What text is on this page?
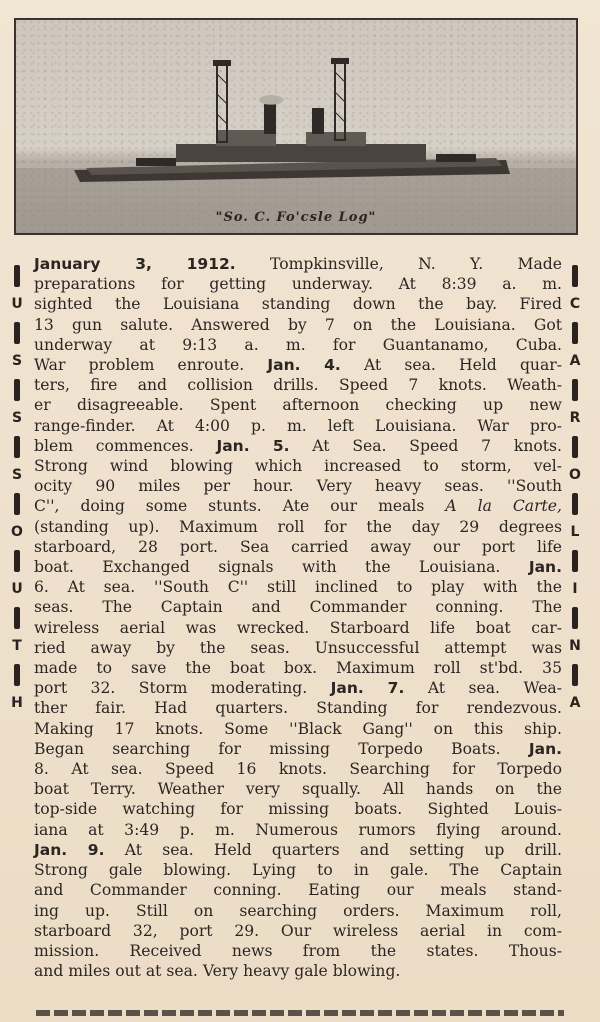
"So. C. Fo'csle Log"
U
S
S
S
O
U
T
H
C
A
R
O
L
I
N
A
January 3, 1912. Tompkinsville, N. Y. Made
preparations for getting underway. At 8:39 a. m.
sighted the Louisiana standing down the bay. Fired
13 gun salute. Answered by 7 on the Louisiana. Got
underway at 9:13 a. m. for Guantanamo, Cuba.
War problem enroute. Jan. 4. At sea. Held quar-
ters, fire and collision drills. Speed 7 knots. Weath-
er disagreeable. Spent afternoon checking up new
range-finder. At 4:00 p. m. left Louisiana. War pro-
blem commences. Jan. 5. At Sea. Speed 7 knots.
Strong wind blowing which increased to storm, vel-
ocity 90 miles per hour. Very heavy seas. ''South
C'', doing some stunts. Ate our meals A la Carte,
(standing up). Maximum roll for the day 29 degrees
starboard, 28 port. Sea carried away our port life
boat. Exchanged signals with the Louisiana. Jan.
6. At sea. ''South C'' still inclined to play with the
seas. The Captain and Commander conning. The
wireless aerial was wrecked. Starboard life boat car-
ried away by the seas. Unsuccessful attempt was
made to save the boat box. Maximum roll st'bd. 35
port 32. Storm moderating. Jan. 7. At sea. Wea-
ther fair. Had quarters. Standing for rendezvous.
Making 17 knots. Some ''Black Gang'' on this ship.
Began searching for missing Torpedo Boats. Jan.
8. At sea. Speed 16 knots. Searching for Torpedo
boat Terry. Weather very squally. All hands on the
top-side watching for missing boats. Sighted Louis-
iana at 3:49 p. m. Numerous rumors flying around.
Jan. 9. At sea. Held quarters and setting up drill.
Strong gale blowing. Lying to in gale. The Captain
and Commander conning. Eating our meals stand-
ing up. Still on searching orders. Maximum roll,
starboard 32, port 29. Our wireless aerial in com-
mission. Received news from the states. Thous-
and miles out at sea. Very heavy gale blowing.
